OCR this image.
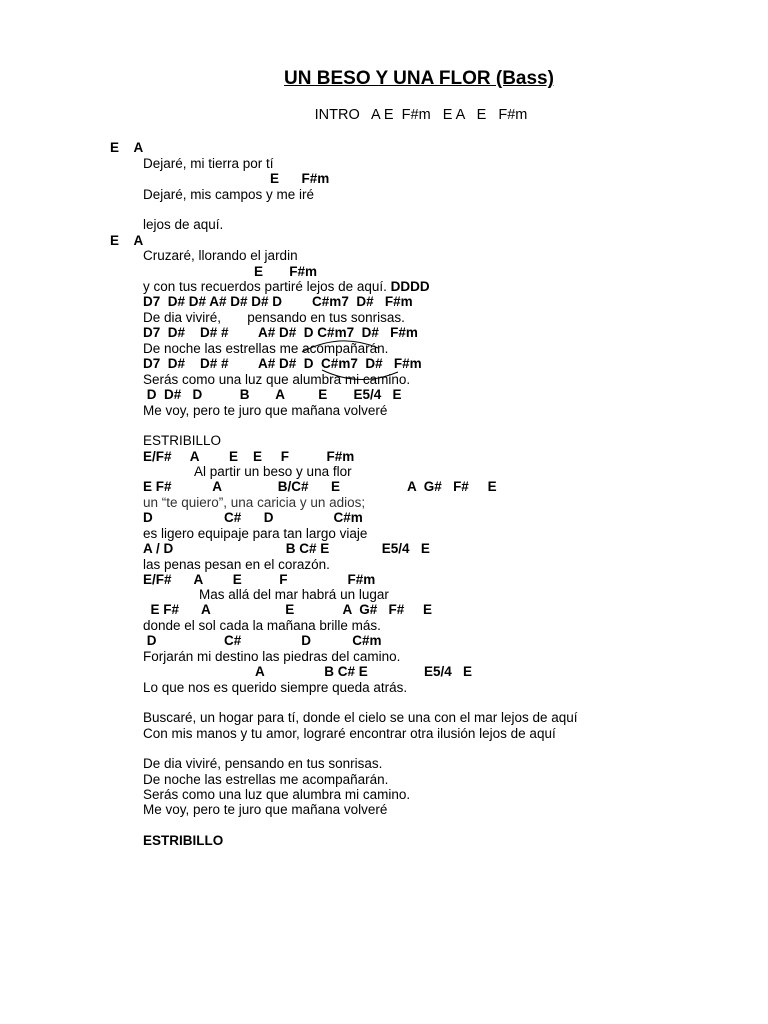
UN BESO Y UNA FLOR (Bass)
INTRO   A E  F#m   E A   E   F#m
E    A
Dejaré, mi tierra por tí
E      F#m
Dejaré, mis campos y me iré
lejos de aquí.
E    A
Cruzaré, llorando el jardin
E       F#m
y con tus recuerdos partiré lejos de aquí. DDDD
D7  D# D# A# D# D# D        C#m7  D#   F#m
De dia viviré,       pensando en tus sonrisas.
D7  D#    D# #        A# D#  D C#m7  D#   F#m
De noche las estrellas me acompañarán.
D7  D#    D# #        A# D#  D  C#m7  D#   F#m
Serás como una luz que alumbra mi camino.
D  D#   D          B       A         E       E5/4   E
Me voy, pero te juro que mañana volveré
ESTRIBILLO
E/F#     A        E    E     F          F#m
Al partir un beso y una flor
E F#           A               B/C#      E                  A  G#   F#     E
un “te quiero”, una caricia y un adios;
D                   C#      D                C#m
es ligero equipaje para tan largo viaje
A / D                              B C# E              E5/4   E
las penas pesan en el corazón.
E/F#      A        E          F                F#m
Mas allá del mar habrá un lugar
E F#      A                    E             A  G#   F#     E
donde el sol cada la mañana brille más.
D                  C#                D           C#m
Forjarán mi destino las piedras del camino.
A                B C# E               E5/4   E
Lo que nos es querido siempre queda atrás.
Buscaré, un hogar para tí, donde el cielo se una con el mar lejos de aquí
Con mis manos y tu amor, lograré encontrar otra ilusión lejos de aquí
De dia viviré, pensando en tus sonrisas.
De noche las estrellas me acompañarán.
Serás como una luz que alumbra mi camino.
Me voy, pero te juro que mañana volveré
ESTRIBILLO
